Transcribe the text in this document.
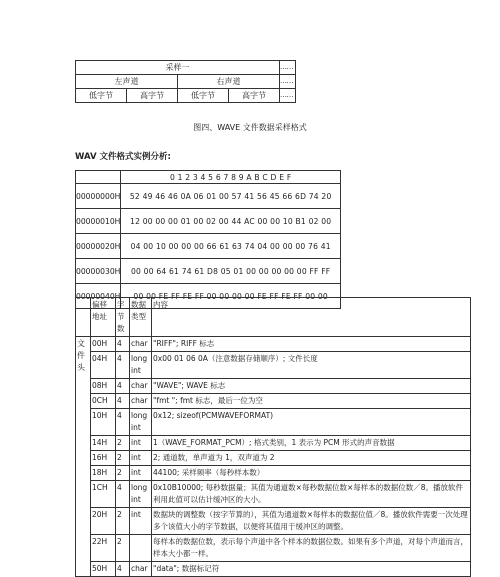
采样一				……
左声道		右声道		……
低字节	高字节	低字节	高字节	……
图四、WAVE 文件数据采样格式
WAV 文件格式实例分析:
	0 1 2 3 4 5 6 7 8 9 A B C D E F
00000000H	52 49 46 46 0A 06 01 00 57 41 56 45 66 6D 74 20
00000010H	12 00 00 00 01 00 02 00 44 AC 00 00 10 B1 02 00
00000020H	04 00 10 00 00 00 66 61 63 74 04 00 00 00 76 41
00000030H	00 00 64 61 74 61 D8 05 01 00 00 00 00 00 FF FF
00000040H	00 00 FE FF FE FF 00 00 00 00 FE FF FE FF 00 00
	偏移地址	字节数	数据类型	内容
文件头	00H	4	char	"RIFF"; RIFF 标志
	04H	4	long int	0x00 01 06 0A（注意数据存储顺序）; 文件长度
	08H	4	char	"WAVE"; WAVE 标志
	0CH	4	char	"fmt "; fmt 标志，最后一位为空
	10H	4	long int	0x12; sizeof(PCMWAVEFORMAT)
	14H	2	int	1（WAVE_FORMAT_PCM）; 格式类别，1 表示为 PCM 形式的声音数据
	16H	2	int	2; 通道数，单声道为 1，双声道为 2
	18H	2	int	44100; 采样频率（每秒样本数）
	1CH	4	long int	0x10B10000; 每秒数据量；其值为通道数×每秒数据位数×每样本的数据位数／8。播放软件利用此值可以估计缓冲区的大小。
	20H	2	int	数据块的调整数（按字节算的），其值为通道数×每样本的数据位值／8。播放软件需要一次处理多个该值大小的字节数据，以便将其值用于缓冲区的调整。
	22H	2		每样本的数据位数，表示每个声道中各个样本的数据位数。如果有多个声道，对每个声道而言，样本大小都一样。
	50H	4	char	"data"; 数据标记符
